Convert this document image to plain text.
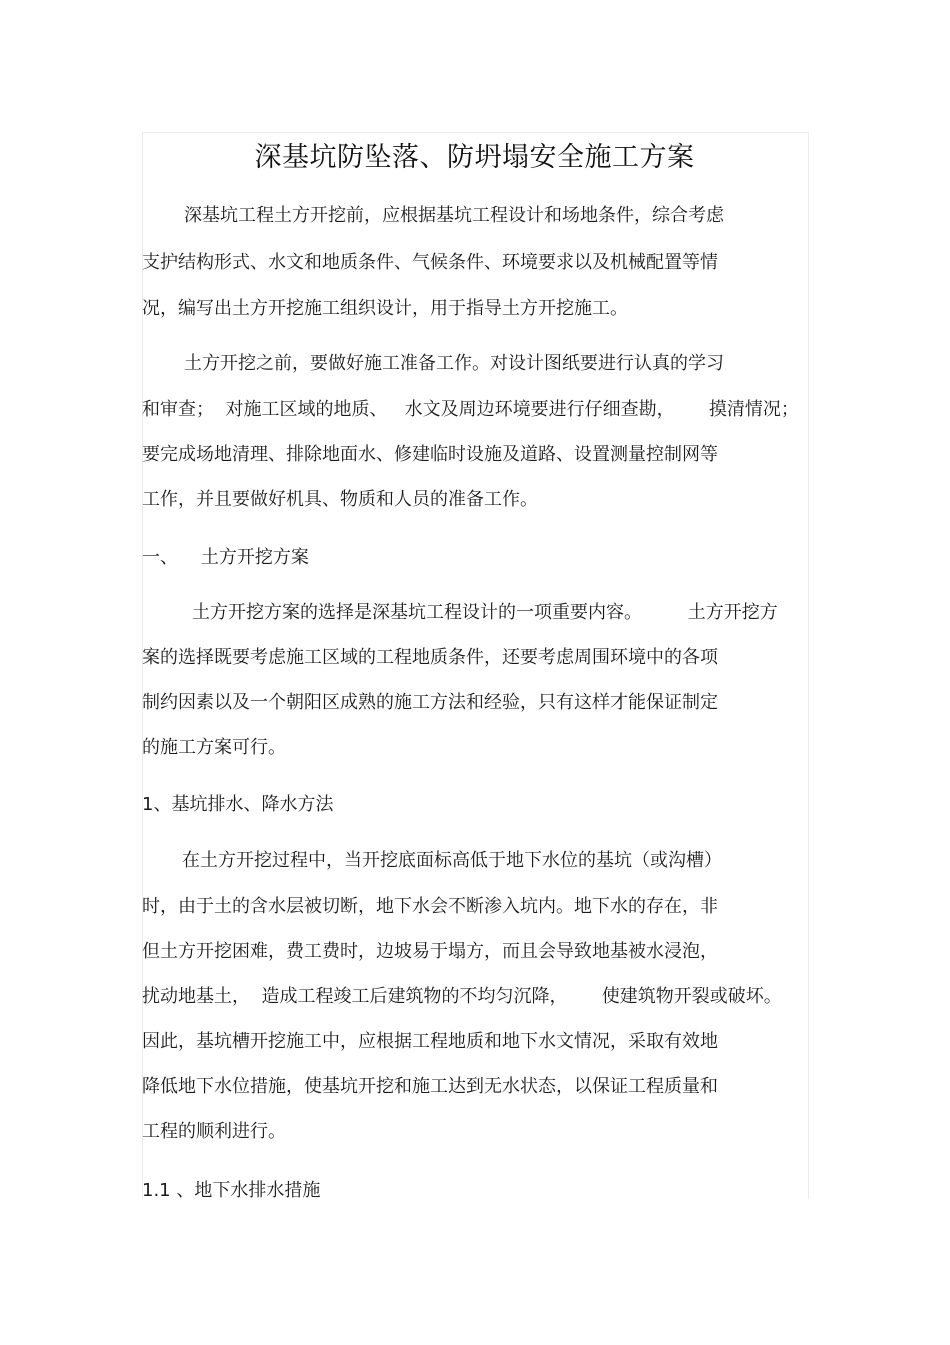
深基坑防坠落、防坍塌安全施工方案
深基坑工程土方开挖前，应根据基坑工程设计和场地条件，综合考虑
支护结构形式、水文和地质条件、气候条件、环境要求以及机械配置等情
况，编写出土方开挖施工组织设计，用于指导土方开挖施工。
土方开挖之前，要做好施工准备工作。对设计图纸要进行认真的学习
和审查；  对施工区域的地质、   水文及周边环境要进行仔细查勘，      摸清情况；
要完成场地清理、排除地面水、修建临时设施及道路、设置测量控制网等
工作，并且要做好机具、物质和人员的准备工作。
一、    土方开挖方案
土方开挖方案的选择是深基坑工程设计的一项重要内容。        土方开挖方
案的选择既要考虑施工区域的工程地质条件，还要考虑周围环境中的各项
制约因素以及一个朝阳区成熟的施工方法和经验，只有这样才能保证制定
的施工方案可行。
1、基坑排水、降水方法
在土方开挖过程中，当开挖底面标高低于地下水位的基坑（或沟槽）
时，由于土的含水层被切断，地下水会不断渗入坑内。地下水的存在，非
但土方开挖困难，费工费时，边坡易于塌方，而且会导致地基被水浸泡，
扰动地基土，  造成工程竣工后建筑物的不均匀沉降，      使建筑物开裂或破坏。
因此，基坑槽开挖施工中，应根据工程地质和地下水文情况，采取有效地
降低地下水位措施，使基坑开挖和施工达到无水状态，以保证工程质量和
工程的顺利进行。
1.1 、地下水排水措施
